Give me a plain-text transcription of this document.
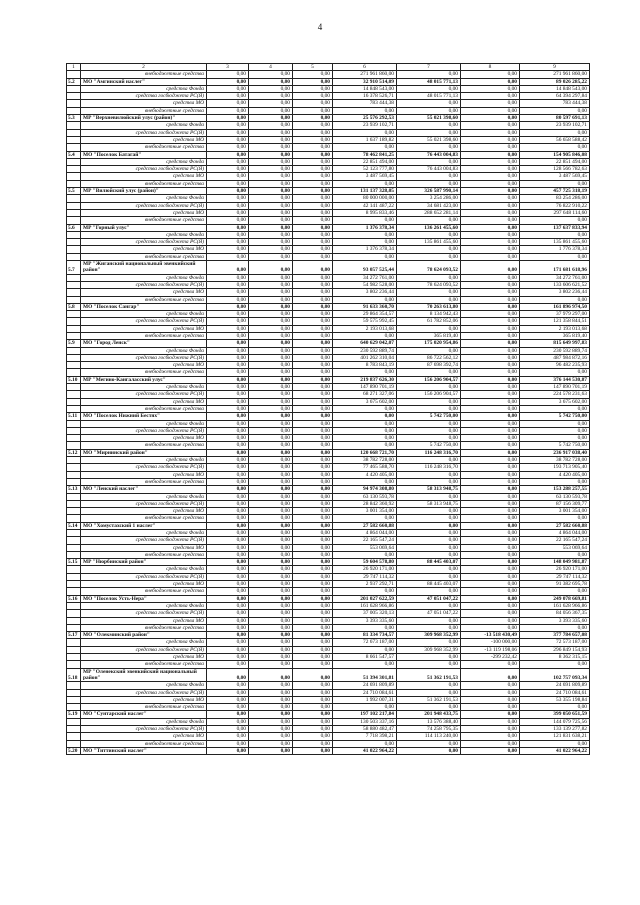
4
1	2	3	4	5	6	7	8	9
	внебюджетные средства	0,00	0,00	0,00	271 961 860,00	0,00	0,00	271 961 860,00
5.2	МО "Амгинский наслег"	0,00	0,00	0,00	32 910 514,09	48 015 771,13	0,00	89 026 285,22
	средства Фонда	0,00	0,00	0,00	14 848 543,00	0,00	0,00	14 848 543,00
	средства госбюджета РС(Я)	0,00	0,00	0,00	16 378 526,71	48 015 771,13	0,00	64 394 297,84
	средства МО	0,00	0,00	0,00	783 444,38	0,00	0,00	783 444,38
	внебюджетные средства	0,00	0,00	0,00	0,00	0,00	0,00	0,00
5.3	МР "Верхневилюйский улус (район)"	0,00	0,00	0,00	25 576 292,53	55 021 398,60	0,00	80 597 691,13
	средства Фонда	0,00	0,00	0,00	23 939 102,71	0,00	0,00	23 939 102,71
	средства госбюджета РС(Я)	0,00	0,00	0,00	0,00	0,00	0,00	0,00
	средства МО	0,00	0,00	0,00	1 637 189,82	55 021 398,60	0,00	56 658 588,42
	внебюджетные средства	0,00	0,00	0,00	0,00	0,00	0,00	0,00
5.4	МО "Поселок Батагай"	0,00	0,00	0,00	78 462 841,25	76 443 004,83	0,00	154 905 846,08
	средства Фонда	0,00	0,00	0,00	22 851 494,00	0,00	0,00	22 851 494,00
	средства госбюджета РС(Я)	0,00	0,00	0,00	52 123 777,80	76 443 004,83	0,00	128 566 782,63
	средства МО	0,00	0,00	0,00	3 487 569,45	0,00	0,00	3 487 569,45
	внебюджетные средства	0,00	0,00	0,00	0,00	0,00	0,00	0,00
5.5	МР "Вилюйский улус (район)"	0,00	0,00	0,00	131 137 328,05	326 587 990,14	0,00	457 725 318,19
	средства Фонда	0,00	0,00	0,00	80 000 000,00	3 254 286,00	0,00	83 254 286,00
	средства госбюджета РС(Я)	0,00	0,00	0,00	42 141 487,22	34 681 423,00	0,00	76 822 910,22
	средства МО	0,00	0,00	0,00	8 995 833,46	288 652 281,14	0,00	297 648 114,60
	внебюджетные средства	0,00	0,00	0,00	0,00	0,00	0,00	0,00
5.6	МР "Горный улус"	0,00	0,00	0,00	1 376 378,34	136 261 455,60	0,00	137 637 833,94
	средства Фонда	0,00	0,00	0,00	0,00	0,00	0,00	0,00
	средства госбюджета РС(Я)	0,00	0,00	0,00	0,00	135 861 455,60	0,00	135 861 455,60
	средства МО	0,00	0,00	0,00	1 376 378,34	0,00	0,00	1 776 378,34
	внебюджетные средства	0,00	0,00	0,00	0,00	0,00	0,00	0,00
5.7	МР "Жиганский национальный эвенкийский район"	0,00	0,00	0,00	93 057 525,44	78 624 093,52	0,00	171 681 618,96
	средства Фонда	0,00	0,00	0,00	34 272 761,00	0,00	0,00	34 272 761,00
	средства госбюджета РС(Я)	0,00	0,00	0,00	54 982 528,00	78 624 093,52	0,00	133 606 621,52
	средства МО	0,00	0,00	0,00	3 802 236,44	0,00	0,00	3 802 236,44
	внебюджетные средства	0,00	0,00	0,00	0,00	0,00	0,00	0,00
5.8	МО "Поселок Сангар"	0,00	0,00	0,00	91 633 360,70	70 263 613,80	0,00	161 896 974,50
	средства Фонда	0,00	0,00	0,00	29 864 354,57	8 134 942,43	0,00	37 979 297,00
	средства госбюджета РС(Я)	0,00	0,00	0,00	59 575 992,45	61 782 852,06	0,00	121 358 844,51
	средства МО	0,00	0,00	0,00	2 193 013,68	0,00	0,00	2 193 013,68
	внебюджетные средства	0,00	0,00	0,00	0,00	365 819,40	0,00	365 819,40
5.9	МО "Город Ленск"	0,00	0,00	0,00	640 629 042,07	175 020 954,86	0,00	815 649 997,83
	средства Фонда	0,00	0,00	0,00	230 592 889,74	0,00	0,00	230 592 889,74
	средства госбюджета РС(Я)	0,00	0,00	0,00	401 262 310,04	86 722 562,12	0,00	487 984 872,16
	средства МО	0,00	0,00	0,00	8 783 843,19	87 698 392,74	0,00	96 482 235,93
	внебюджетные средства	0,00	0,00	0,00	0,00	0,00	0,00	0,00
5.10	МР "Мегино-Кангаласский улус"	0,00	0,00	0,00	219 837 626,30	156 206 904,57	0,00	376 144 530,87
	средства Фонда	0,00	0,00	0,00	147 890 701,19	0,00	0,00	147 890 701,19
	средства госбюджета РС(Я)	0,00	0,00	0,00	68 271 327,06	156 206 904,57	0,00	224 578 231,63
	средства МО	0,00	0,00	0,00	3 675 602,00	0,00	0,00	3 675 602,00
	внебюджетные средства	0,00	0,00	0,00	0,00	0,00	0,00	0,00
5.11	МО "Поселок Нижний Бестях"	0,00	0,00	0,00	0,00	5 742 750,00	0,00	5 742 750,00
	средства Фонда	0,00	0,00	0,00	0,00	0,00	0,00	0,00
	средства госбюджета РС(Я)	0,00	0,00	0,00	0,00	0,00	0,00	0,00
	средства МО	0,00	0,00	0,00	0,00	0,00	0,00	0,00
	внебюджетные средства	0,00	0,00	0,00	0,00	5 742 750,00	0,00	5 742 750,00
5.12	МО "Мирнинский район"	0,00	0,00	0,00	120 668 721,70	116 248 316,70	0,00	236 917 038,40
	средства Фонда	0,00	0,00	0,00	38 782 728,00	0,00	0,00	38 782 728,00
	средства госбюджета РС(Я)	0,00	0,00	0,00	77 465 588,70	116 248 316,70	0,00	193 713 905,40
	средства МО	0,00	0,00	0,00	4 420 405,00	0,00	0,00	4 420 405,00
	внебюджетные средства	0,00	0,00	0,00	0,00	0,00	0,00	0,00
5.13	МО "Ленский наслег"	0,00	0,00	0,00	94 974 308,80	58 313 948,75	0,00	153 288 257,55
	средства Фонда	0,00	0,00	0,00	63 130 593,78	0,00	0,00	63 130 593,78
	средства госбюджета РС(Я)	0,00	0,00	0,00	28 842 360,92	58 313 948,75	0,00	87 156 309,77
	средства МО	0,00	0,00	0,00	3 001 354,00	0,00	0,00	3 001 354,00
	внебюджетные средства	0,00	0,00	0,00	0,00	0,00	0,00	0,00
5.14	МО "Хомустахский 1 наслег"	0,00	0,00	0,00	27 582 660,88	0,00	0,00	27 582 660,88
	средства Фонда	0,00	0,00	0,00	4 864 044,00	0,00	0,00	4 864 044,00
	средства госбюджета РС(Я)	0,00	0,00	0,00	22 165 547,24	0,00	0,00	22 165 547,24
	средства МО	0,00	0,00	0,00	553 069,64	0,00	0,00	553 069,64
	внебюджетные средства	0,00	0,00	0,00	0,00	0,00	0,00	0,00
5.15	МР "Нюрбинский район"	0,00	0,00	0,00	59 604 578,80	88 445 403,07	0,00	148 049 981,87
	средства Фонда	0,00	0,00	0,00	26 920 171,00	0,00	0,00	26 920 171,00
	средства госбюджета РС(Я)	0,00	0,00	0,00	29 747 114,32	0,00	0,00	29 747 114,32
	средства МО	0,00	0,00	0,00	2 937 292,71	88 445 403,07	0,00	91 382 695,78
	внебюджетные средства	0,00	0,00	0,00	0,00	0,00	0,00	0,00
5.16	МО "Поселок Усть-Нера"	0,00	0,00	0,00	201 027 622,59	47 051 047,22	0,00	249 078 669,81
	средства Фонда	0,00	0,00	0,00	161 628 966,86	0,00	0,00	161 628 966,86
	средства госбюджета РС(Я)	0,00	0,00	0,00	37 005 320,13	47 051 047,22	0,00	84 056 367,35
	средства МО	0,00	0,00	0,00	3 393 335,60	0,00	0,00	3 393 335,60
	внебюджетные средства	0,00	0,00	0,00	0,00	0,00	0,00	0,00
5.17	МО "Олекминский район"	0,00	0,00	0,00	81 334 734,57	309 968 352,99	-13 518 430,49	377 784 657,08
	средства Фонда	0,00	0,00	0,00	72 673 187,00	0,00	-100 000,00	72 573 187,00
	средства госбюджета РС(Я)	0,00	0,00	0,00	0,00	309 968 352,99	-13 119 198,06	296 849 154,93
	средства МО	0,00	0,00	0,00	8 661 547,57	0,00	-299 232,42	8 362 315,15
	внебюджетные средства	0,00	0,00	0,00	0,00	0,00	0,00	0,00
5.18	МР "Оленекский эвенкийский национальный район"	0,00	0,00	0,00	51 394 301,81	51 362 191,53	0,00	102 757 093,34
	средства Фонда	0,00	0,00	0,00	24 691 809,89	0,00	0,00	24 691 809,89
	средства госбюджета РС(Я)	0,00	0,00	0,00	24 710 084,61	0,00	0,00	24 710 084,61
	средства МО	0,00	0,00	0,00	1 992 007,31	51 362 191,53	0,00	53 355 198,84
	внебюджетные средства	0,00	0,00	0,00	0,00	0,00	0,00	0,00
5.19	МО "Сунтарский наслег"	0,00	0,00	0,00	197 102 217,84	201 948 433,75	0,00	399 050 651,59
	средства Фонда	0,00	0,00	0,00	130 503 337,16	13 576 388,40	0,00	144 079 725,56
	средства госбюджета РС(Я)	0,00	0,00	0,00	58 880 482,47	74 258 795,35	0,00	133 139 277,82
	средства МО	0,00	0,00	0,00	7 718 398,21	114 113 240,00	0,00	121 831 638,21
	внебюджетные средства	0,00	0,00	0,00	0,00	0,00	0,00	0,00
5.20	МО "Титтинский наслег"	0,00	0,00	0,00	41 022 964,22	0,00	0,00	41 022 964,22
